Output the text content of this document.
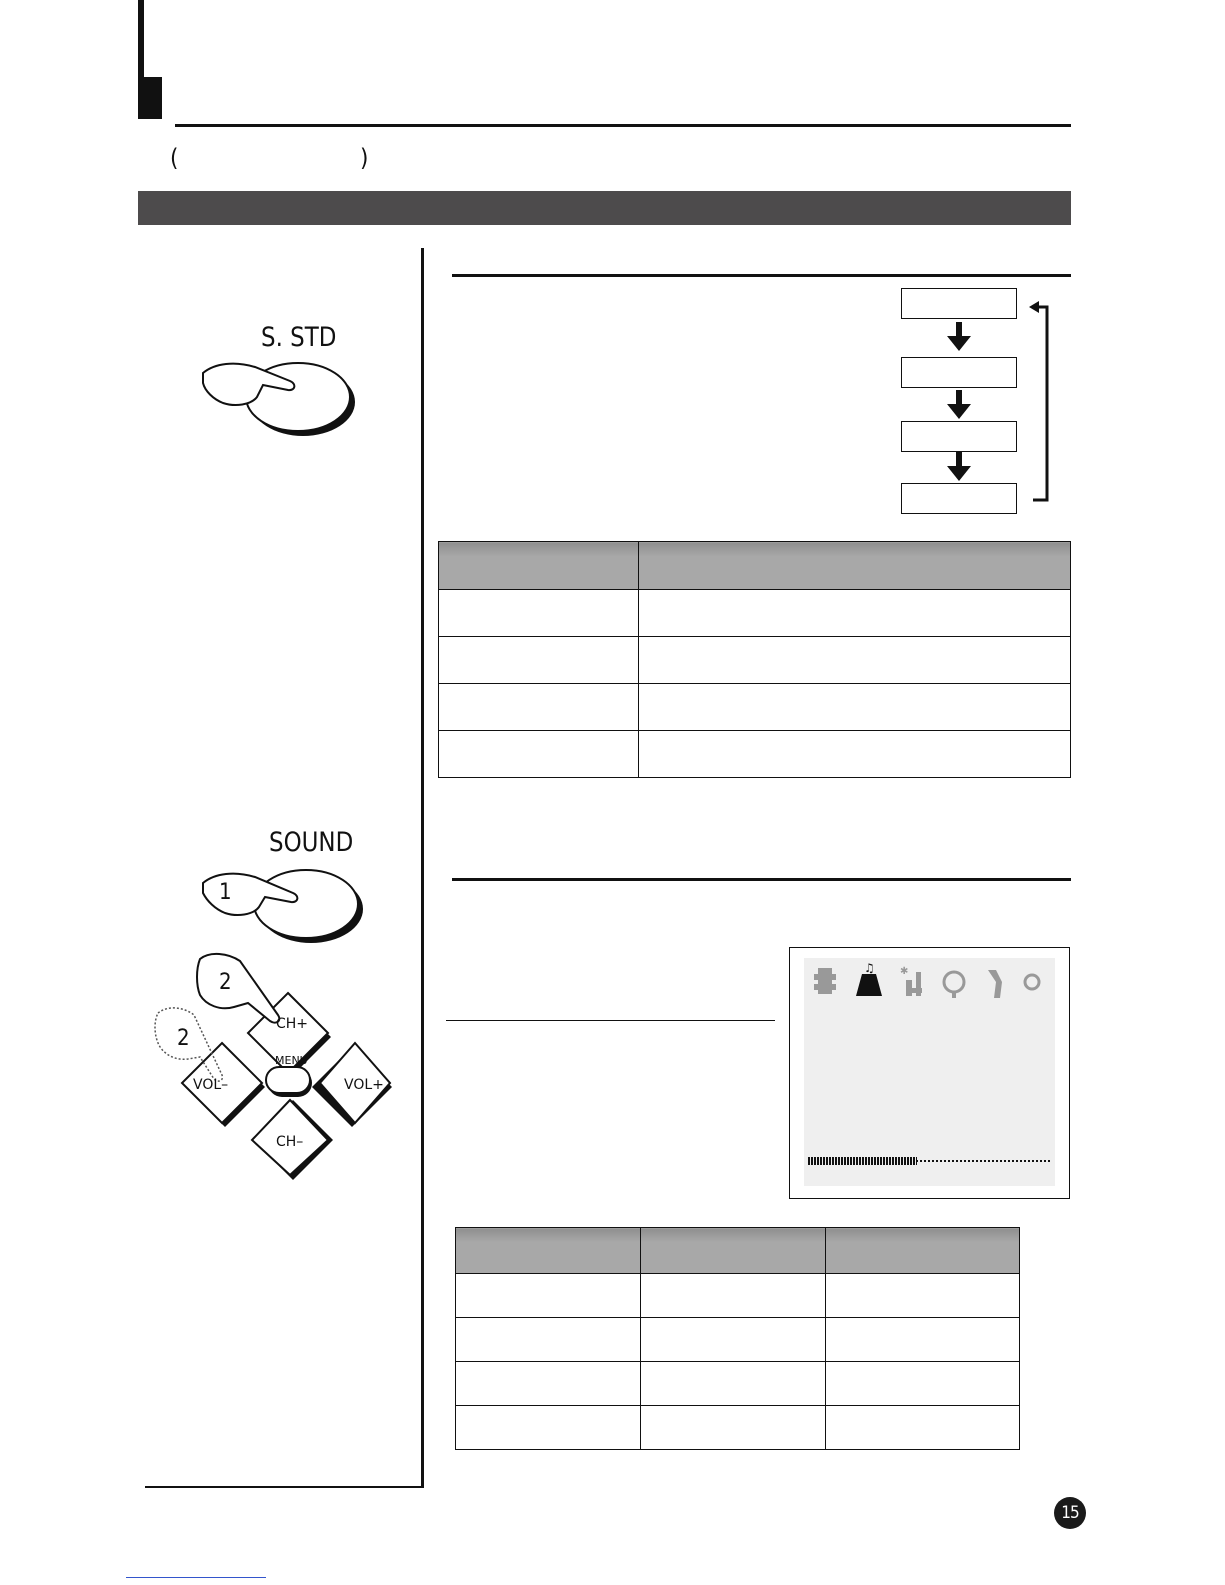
(	)
S. STD
SOUND
1
2
2
CH+
VOL–	VOL+
MENU
CH–

♫	✱

15
